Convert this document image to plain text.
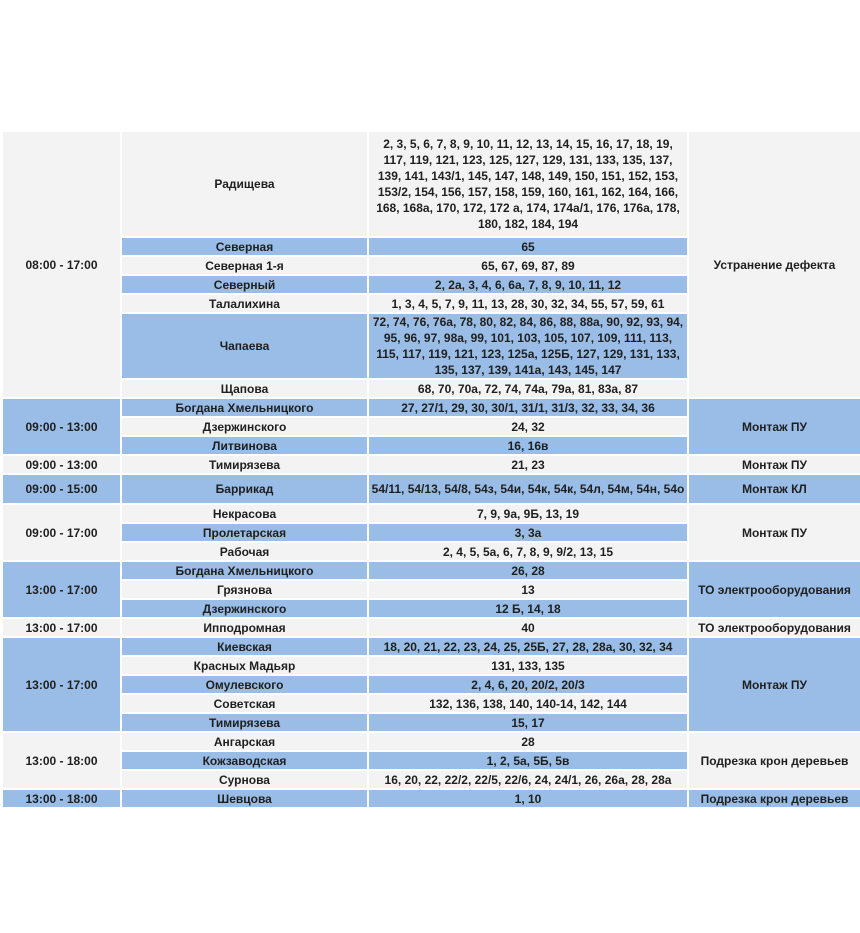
08:00 - 17:00	Радищева	2, 3, 5, 6, 7, 8, 9, 10, 11, 12, 13, 14, 15, 16, 17, 18, 19, 117, 119, 121, 123, 125, 127, 129, 131, 133, 135, 137, 139, 141, 143/1, 145, 147, 148, 149, 150, 151, 152, 153, 153/2, 154, 156, 157, 158, 159, 160, 161, 162, 164, 166, 168, 168а, 170, 172, 172 а, 174, 174а/1, 176, 176а, 178, 180, 182, 184, 194	Устранение дефекта
	Северная	65	
	Северная 1-я	65, 67, 69, 87, 89	
	Северный	2, 2а, 3, 4, 6, 6а, 7, 8, 9, 10, 11, 12	
	Талалихина	1, 3, 4, 5, 7, 9, 11, 13, 28, 30, 32, 34, 55, 57, 59, 61	
	Чапаева	72, 74, 76, 76а, 78, 80, 82, 84, 86, 88, 88а, 90, 92, 93, 94, 95, 96, 97, 98а, 99, 101, 103, 105, 107, 109, 111, 113, 115, 117, 119, 121, 123, 125а, 125Б, 127, 129, 131, 133, 135, 137, 139, 141а, 143, 145, 147	
	Щапова	68, 70, 70а, 72, 74, 74а, 79а, 81, 83а, 87	
09:00 - 13:00	Богдана Хмельницкого	27, 27/1, 29, 30, 30/1, 31/1, 31/3, 32, 33, 34, 36	Монтаж ПУ
	Дзержинского	24, 32	
	Литвинова	16, 16в	
09:00 - 13:00	Тимирязева	21, 23	Монтаж ПУ
09:00 - 15:00	Баррикад	54/11, 54/13, 54/8, 54з, 54и, 54к, 54к, 54л, 54м, 54н, 54о	Монтаж КЛ
09:00 - 17:00	Некрасова	7, 9, 9а, 9Б, 13, 19	Монтаж ПУ
	Пролетарская	3, 3а	
	Рабочая	2, 4, 5, 5а, 6, 7, 8, 9, 9/2, 13, 15	
13:00 - 17:00	Богдана Хмельницкого	26, 28	ТО электрооборудования
	Грязнова	13	
	Дзержинского	12 Б, 14, 18	
13:00 - 17:00	Ипподромная	40	ТО электрооборудования
13:00 - 17:00	Киевская	18, 20, 21, 22, 23, 24, 25, 25Б, 27, 28, 28а, 30, 32, 34	Монтаж ПУ
	Красных Мадьяр	131, 133, 135	
	Омулевского	2, 4, 6, 20, 20/2, 20/3	
	Советская	132, 136, 138, 140, 140-14, 142, 144	
	Тимирязева	15, 17	
13:00 - 18:00	Ангарская	28	Подрезка крон деревьев
	Кожзаводская	1, 2, 5а, 5Б, 5в	
	Сурнова	16, 20, 22, 22/2, 22/5, 22/6, 24, 24/1, 26, 26а, 28, 28а	
13:00 - 18:00	Шевцова	1, 10	Подрезка крон деревьев
